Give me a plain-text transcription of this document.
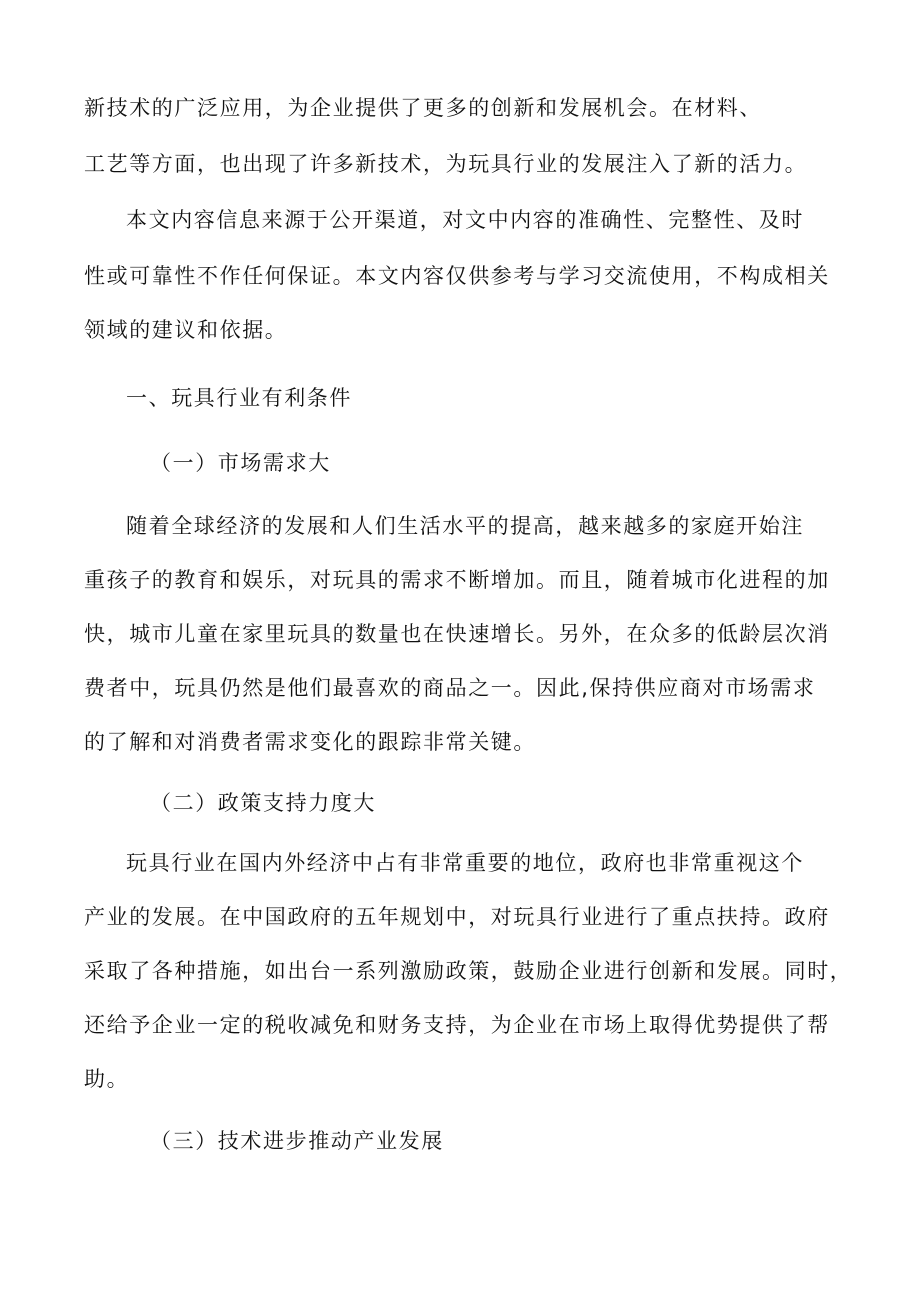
新技术的广泛应用，为企业提供了更多的创新和发展机会。在材料、
工艺等方面，也出现了许多新技术，为玩具行业的发展注入了新的活力。
本文内容信息来源于公开渠道，对文中内容的准确性、完整性、及时
性或可靠性不作任何保证。本文内容仅供参考与学习交流使用，不构成相关
领域的建议和依据。
一、玩具行业有利条件
（一）市场需求大
随着全球经济的发展和人们生活水平的提高，越来越多的家庭开始注
重孩子的教育和娱乐，对玩具的需求不断增加。而且，随着城市化进程的加
快，城市儿童在家里玩具的数量也在快速增长。另外，在众多的低龄层次消
费者中，玩具仍然是他们最喜欢的商品之一。因此,保持供应商对市场需求
的了解和对消费者需求变化的跟踪非常关键。
（二）政策支持力度大
玩具行业在国内外经济中占有非常重要的地位，政府也非常重视这个
产业的发展。在中国政府的五年规划中，对玩具行业进行了重点扶持。政府
采取了各种措施，如出台一系列激励政策，鼓励企业进行创新和发展。同时，
还给予企业一定的税收减免和财务支持，为企业在市场上取得优势提供了帮
助。
（三）技术进步推动产业发展
